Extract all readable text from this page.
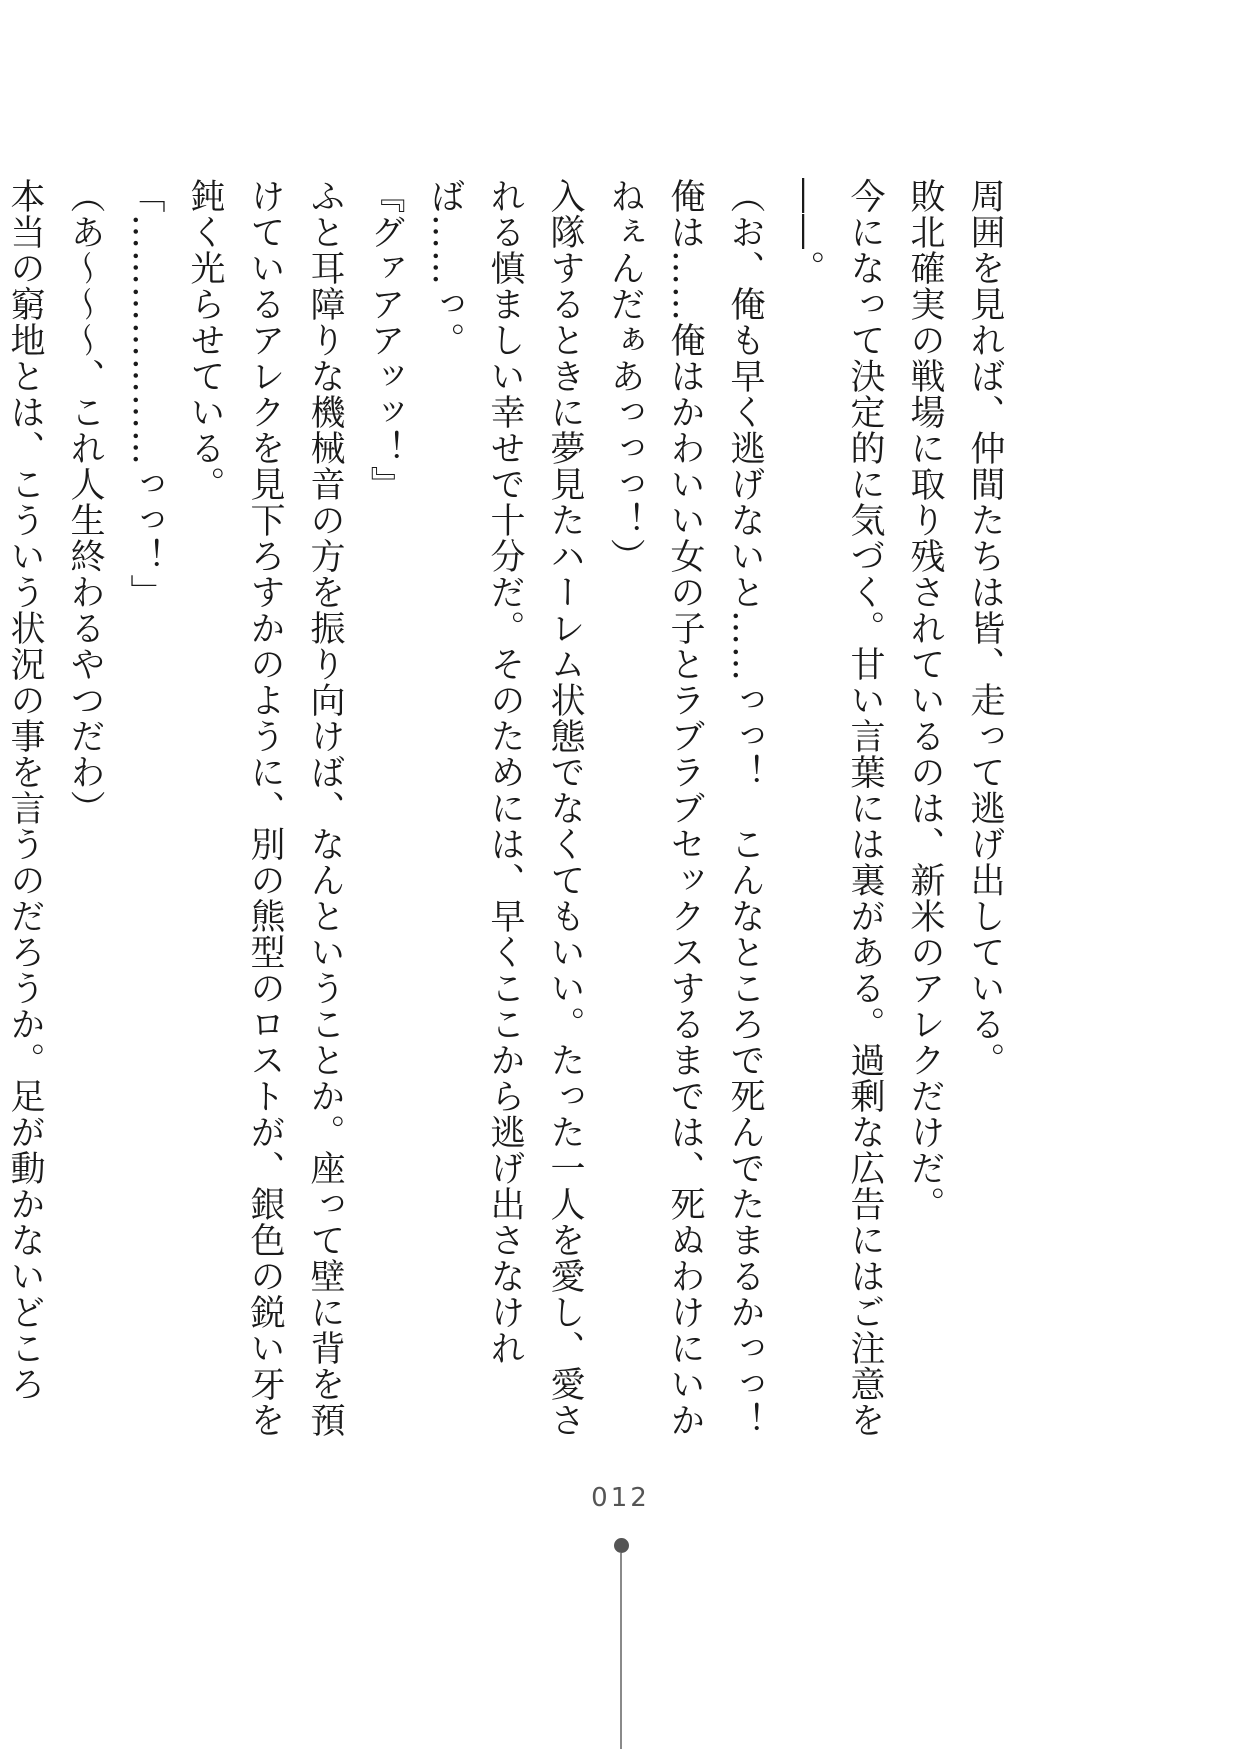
周囲を見れば、仲間たちは皆、走って逃げ出している。

敗北確実の戦場に取り残されているのは、新米のアレクだけだ。

今になって決定的に気づく。甘い言葉には裏がある。過剰な広告にはご注意を――。

（お、俺も早く逃げないと……っっ！　こんなところで死んでたまるかっっ！　俺は……俺はかわいい女の子とラブラブセックスするまでは、死ぬわけにいかねぇんだぁあっっっ！）

入隊するときに夢見たハーレム状態でなくてもいい。たった一人を愛し、愛される慎ましい幸せで十分だ。そのためには、早くここから逃げ出さなければ……っ。

『グァアアッッ！』

ふと耳障りな機械音の方を振り向けば、なんということか。座って壁に背を預けているアレクを見下ろすかのように、別の熊型のロストが、銀色の鋭い牙を鈍く光らせている。

「…………………っっ！」

（あ～～～、これ人生終わるやつだわ）

本当の窮地とは、こういう状況の事を言うのだろうか。足が動かないどころ

012
